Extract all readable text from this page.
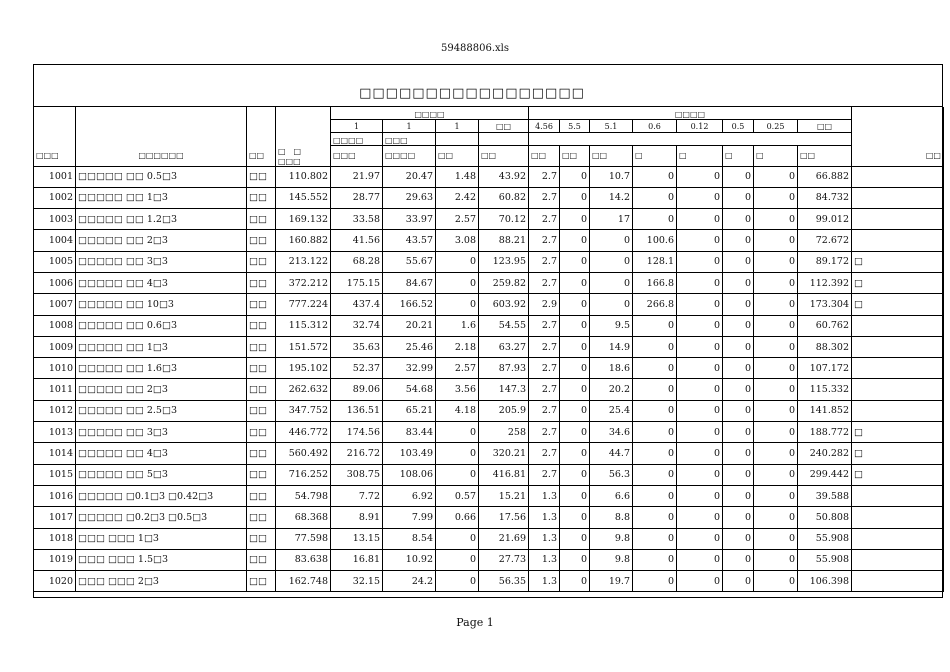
59488806.xls
□□□□□□□□□□□□□□□□□
				□□□□				□□□□								
				1	1	1	□□	4.56	5.5	5.1	0.6	0.12	0.5	0.25	□□	
				□□□□	□□□											
□□□	□□□□□□	□□	□　□
□□□	□□□	□□□□	□□	□□	□□	□□	□□	□	□	□	□	□□	□□
1001	□□□□□ □□ 0.5□3	□□	110.802	21.97	20.47	1.48	43.92	2.7	0	10.7	0	0	0	0	66.882	
1002	□□□□□ □□ 1□3	□□	145.552	28.77	29.63	2.42	60.82	2.7	0	14.2	0	0	0	0	84.732	
1003	□□□□□ □□ 1.2□3	□□	169.132	33.58	33.97	2.57	70.12	2.7	0	17	0	0	0	0	99.012	
1004	□□□□□ □□ 2□3	□□	160.882	41.56	43.57	3.08	88.21	2.7	0	0	100.6	0	0	0	72.672	
1005	□□□□□ □□ 3□3	□□	213.122	68.28	55.67	0	123.95	2.7	0	0	128.1	0	0	0	89.172	□
1006	□□□□□ □□ 4□3	□□	372.212	175.15	84.67	0	259.82	2.7	0	0	166.8	0	0	0	112.392	□
1007	□□□□□ □□ 10□3	□□	777.224	437.4	166.52	0	603.92	2.9	0	0	266.8	0	0	0	173.304	□
1008	□□□□□ □□ 0.6□3	□□	115.312	32.74	20.21	1.6	54.55	2.7	0	9.5	0	0	0	0	60.762	
1009	□□□□□ □□ 1□3	□□	151.572	35.63	25.46	2.18	63.27	2.7	0	14.9	0	0	0	0	88.302	
1010	□□□□□ □□ 1.6□3	□□	195.102	52.37	32.99	2.57	87.93	2.7	0	18.6	0	0	0	0	107.172	
1011	□□□□□ □□ 2□3	□□	262.632	89.06	54.68	3.56	147.3	2.7	0	20.2	0	0	0	0	115.332	
1012	□□□□□ □□ 2.5□3	□□	347.752	136.51	65.21	4.18	205.9	2.7	0	25.4	0	0	0	0	141.852	
1013	□□□□□ □□ 3□3	□□	446.772	174.56	83.44	0	258	2.7	0	34.6	0	0	0	0	188.772	□
1014	□□□□□ □□ 4□3	□□	560.492	216.72	103.49	0	320.21	2.7	0	44.7	0	0	0	0	240.282	□
1015	□□□□□ □□ 5□3	□□	716.252	308.75	108.06	0	416.81	2.7	0	56.3	0	0	0	0	299.442	□
1016	□□□□□ □0.1□3 □0.42□3	□□	54.798	7.72	6.92	0.57	15.21	1.3	0	6.6	0	0	0	0	39.588	
1017	□□□□□ □0.2□3 □0.5□3	□□	68.368	8.91	7.99	0.66	17.56	1.3	0	8.8	0	0	0	0	50.808	
1018	□□□ □□□ 1□3	□□	77.598	13.15	8.54	0	21.69	1.3	0	9.8	0	0	0	0	55.908	
1019	□□□ □□□ 1.5□3	□□	83.638	16.81	10.92	0	27.73	1.3	0	9.8	0	0	0	0	55.908	
1020	□□□ □□□ 2□3	□□	162.748	32.15	24.2	0	56.35	1.3	0	19.7	0	0	0	0	106.398	
Page 1
